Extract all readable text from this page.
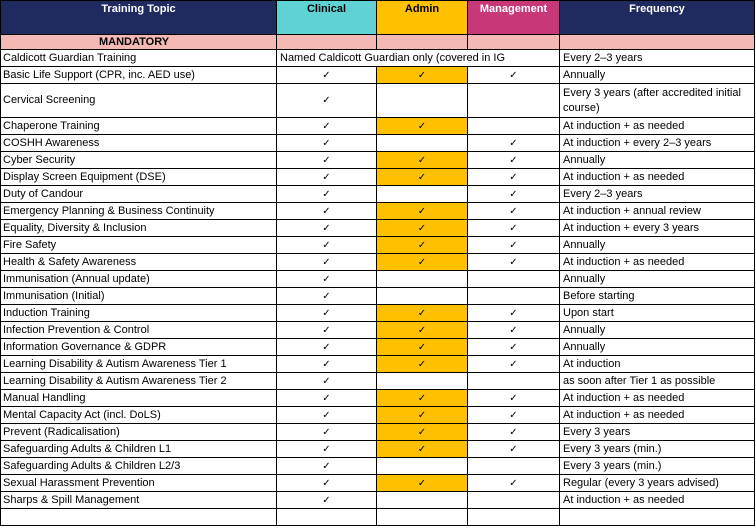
Training Topic	Clinical	Admin	Management	Frequency
MANDATORY				
Caldicott Guardian Training	Named Caldicott Guardian only (covered in IG			Every 2–3 years
Basic Life Support (CPR, inc. AED use)	✓	✓	✓	Annually
Cervical Screening	✓			Every 3 years (after accredited initial course)
Chaperone Training	✓	✓		At induction + as needed
COSHH Awareness	✓		✓	At induction + every 2–3 years
Cyber Security	✓	✓	✓	Annually
Display Screen Equipment (DSE)	✓	✓	✓	At induction + as needed
Duty of Candour	✓		✓	Every 2–3 years
Emergency Planning & Business Continuity	✓	✓	✓	At induction + annual review
Equality, Diversity & Inclusion	✓	✓	✓	At induction + every 3 years
Fire Safety	✓	✓	✓	Annually
Health & Safety Awareness	✓	✓	✓	At induction + as needed
Immunisation (Annual update)	✓			Annually
Immunisation (Initial)	✓			Before starting
Induction Training	✓	✓	✓	Upon start
Infection Prevention & Control	✓	✓	✓	Annually
Information Governance & GDPR	✓	✓	✓	Annually
Learning Disability & Autism Awareness Tier 1	✓	✓	✓	At induction
Learning Disability & Autism Awareness Tier 2	✓			as soon after Tier 1 as possible
Manual Handling	✓	✓	✓	At induction + as needed
Mental Capacity Act (incl. DoLS)	✓	✓	✓	At induction + as needed
Prevent (Radicalisation)	✓	✓	✓	Every 3 years
Safeguarding Adults & Children L1	✓	✓	✓	Every 3 years (min.)
Safeguarding Adults & Children L2/3	✓			Every 3 years (min.)
Sexual Harassment Prevention	✓	✓	✓	Regular (every 3 years advised)
Sharps & Spill Management	✓			At induction + as needed
